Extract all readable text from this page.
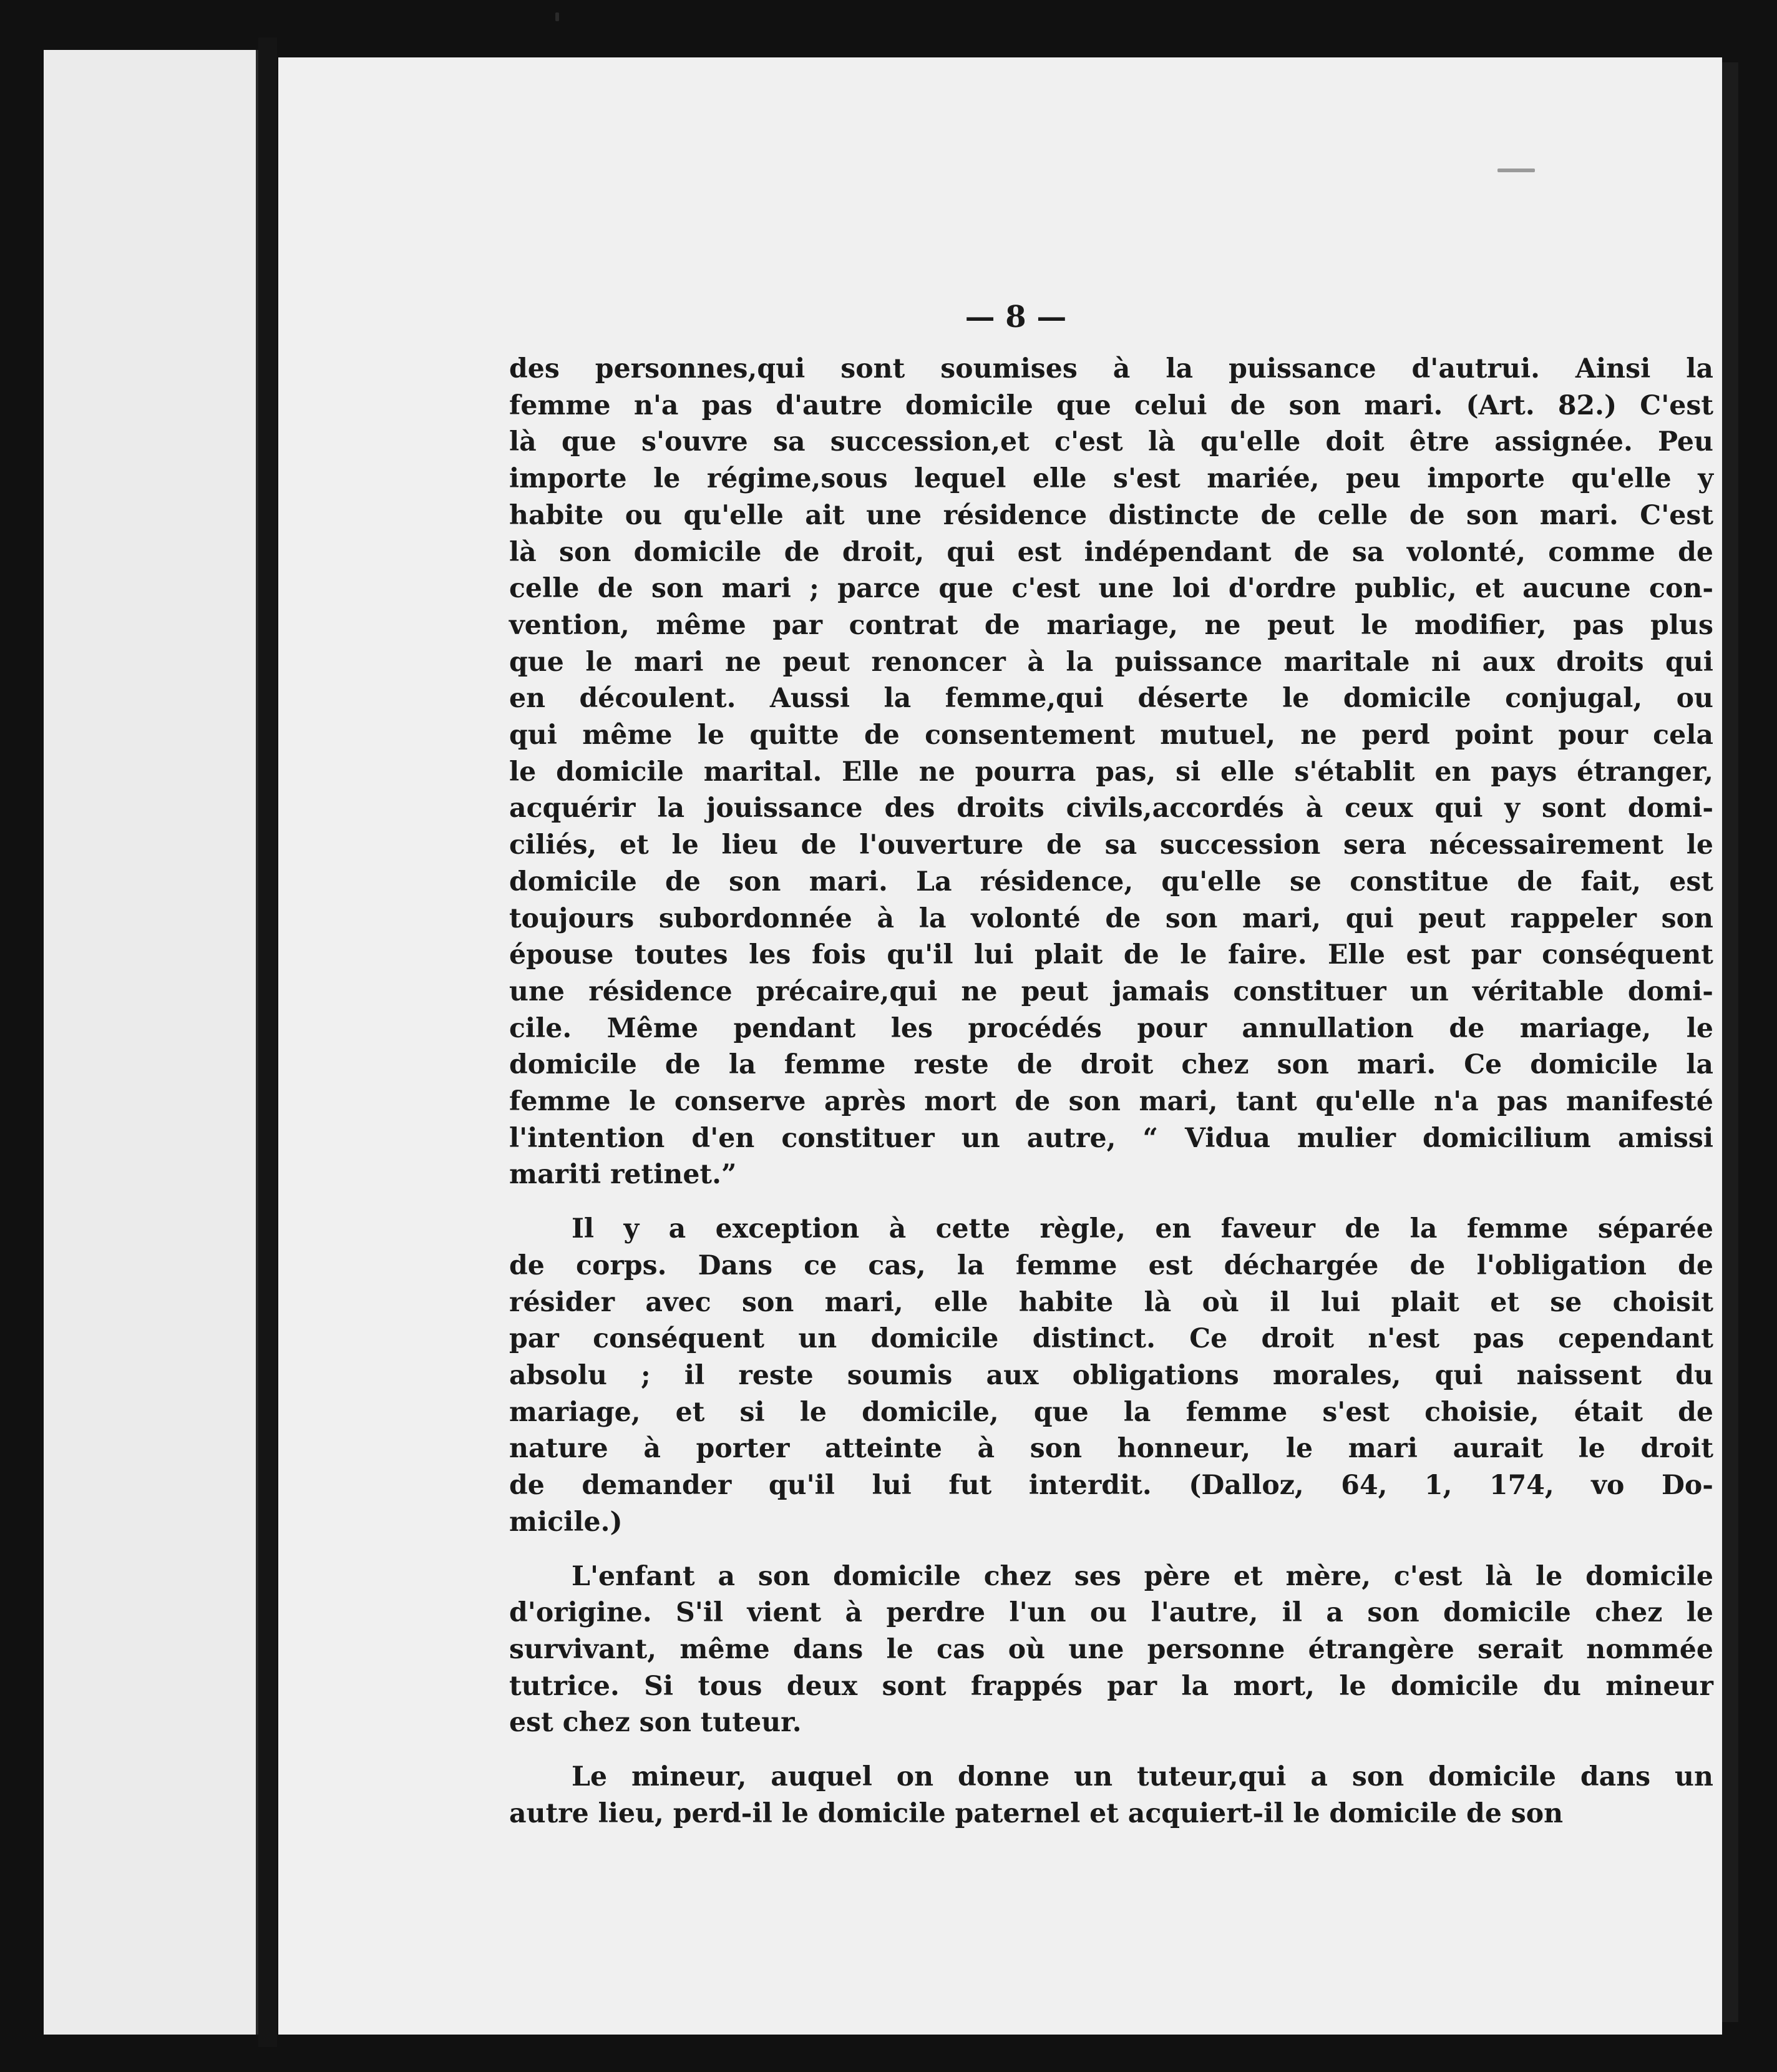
— 8 —

des personnes,qui sont soumises à la puissance d'autrui. Ainsi la
femme n'a pas d'autre domicile que celui de son mari. (Art. 82.) C'est
là que s'ouvre sa succession,et c'est là qu'elle doit être assignée. Peu
importe le régime,sous lequel elle s'est mariée, peu importe qu'elle y
habite ou qu'elle ait une résidence distincte de celle de son mari. C'est
là son domicile de droit, qui est indépendant de sa volonté, comme de
celle de son mari ; parce que c'est une loi d'ordre public, et aucune con-
vention, même par contrat de mariage, ne peut le modifier, pas plus
que le mari ne peut renoncer à la puissance maritale ni aux droits qui
en découlent. Aussi la femme,qui déserte le domicile conjugal, ou
qui même le quitte de consentement mutuel, ne perd point pour cela
le domicile marital. Elle ne pourra pas, si elle s'établit en pays étranger,
acquérir la jouissance des droits civils,accordés à ceux qui y sont domi-
ciliés, et le lieu de l'ouverture de sa succession sera nécessairement le
domicile de son mari. La résidence, qu'elle se constitue de fait, est
toujours subordonnée à la volonté de son mari, qui peut rappeler son
épouse toutes les fois qu'il lui plait de le faire. Elle est par conséquent
une résidence précaire,qui ne peut jamais constituer un véritable domi-
cile. Même pendant les procédés pour annullation de mariage, le
domicile de la femme reste de droit chez son mari. Ce domicile la
femme le conserve après mort de son mari, tant qu'elle n'a pas manifesté
l'intention d'en constituer un autre, “ Vidua mulier domicilium amissi
mariti retinet.”

Il y a exception à cette règle, en faveur de la femme séparée
de corps. Dans ce cas, la femme est déchargée de l'obligation de
résider avec son mari, elle habite là où il lui plait et se choisit
par conséquent un domicile distinct. Ce droit n'est pas cependant
absolu ; il reste soumis aux obligations morales, qui naissent du
mariage, et si le domicile, que la femme s'est choisie, était de
nature à porter atteinte à son honneur, le mari aurait le droit
de demander qu'il lui fut interdit. (Dalloz, 64, 1, 174, vo Do-
micile.)

L'enfant a son domicile chez ses père et mère, c'est là le domicile
d'origine. S'il vient à perdre l'un ou l'autre, il a son domicile chez le
survivant, même dans le cas où une personne étrangère serait nommée
tutrice. Si tous deux sont frappés par la mort, le domicile du mineur
est chez son tuteur.

Le mineur, auquel on donne un tuteur,qui a son domicile dans un
autre lieu, perd-il le domicile paternel et acquiert-il le domicile de son
